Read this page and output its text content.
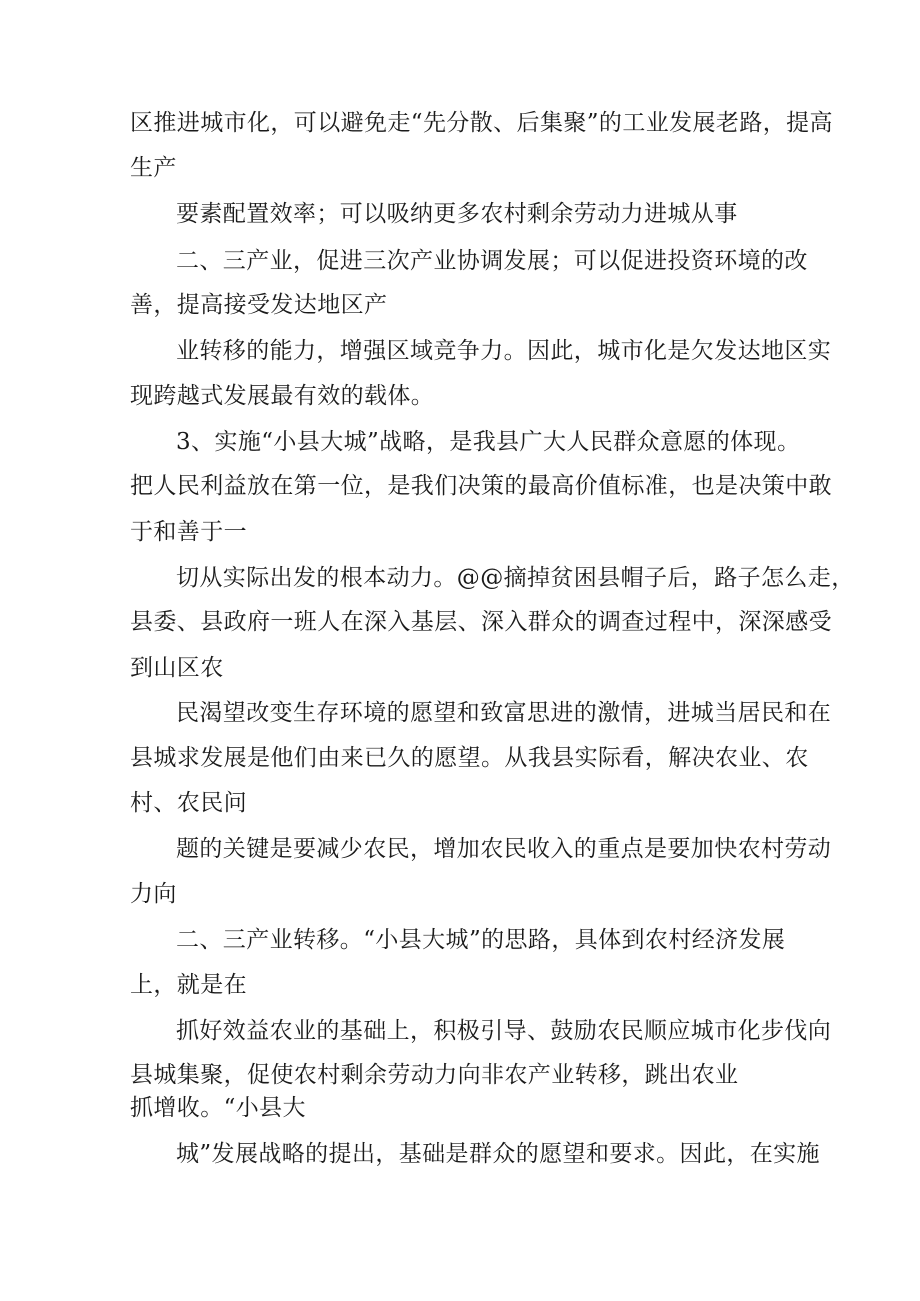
区推进城市化，可以避免走“先分散、后集聚”的工业发展老路，提高

生产

要素配置效率；可以吸纳更多农村剩余劳动力进城从事

二、三产业，促进三次产业协调发展；可以促进投资环境的改

善，提高接受发达地区产

业转移的能力，增强区域竞争力。因此，城市化是欠发达地区实

现跨越式发展最有效的载体。

3、实施“小县大城”战略，是我县广大人民群众意愿的体现。

把人民利益放在第一位，是我们决策的最高价值标准，也是决策中敢

于和善于一

切从实际出发的根本动力。@@摘掉贫困县帽子后，路子怎么走，

县委、县政府一班人在深入基层、深入群众的调查过程中，深深感受

到山区农

民渴望改变生存环境的愿望和致富思进的激情，进城当居民和在

县城求发展是他们由来已久的愿望。从我县实际看，解决农业、农

村、农民问

题的关键是要减少农民，增加农民收入的重点是要加快农村劳动

力向

二、三产业转移。“小县大城”的思路，具体到农村经济发展

上，就是在

抓好效益农业的基础上，积极引导、鼓励农民顺应城市化步伐向

县城集聚，促使农村剩余劳动力向非农产业转移，跳出农业

抓增收。“小县大

城”发展战略的提出，基础是群众的愿望和要求。因此，在实施
